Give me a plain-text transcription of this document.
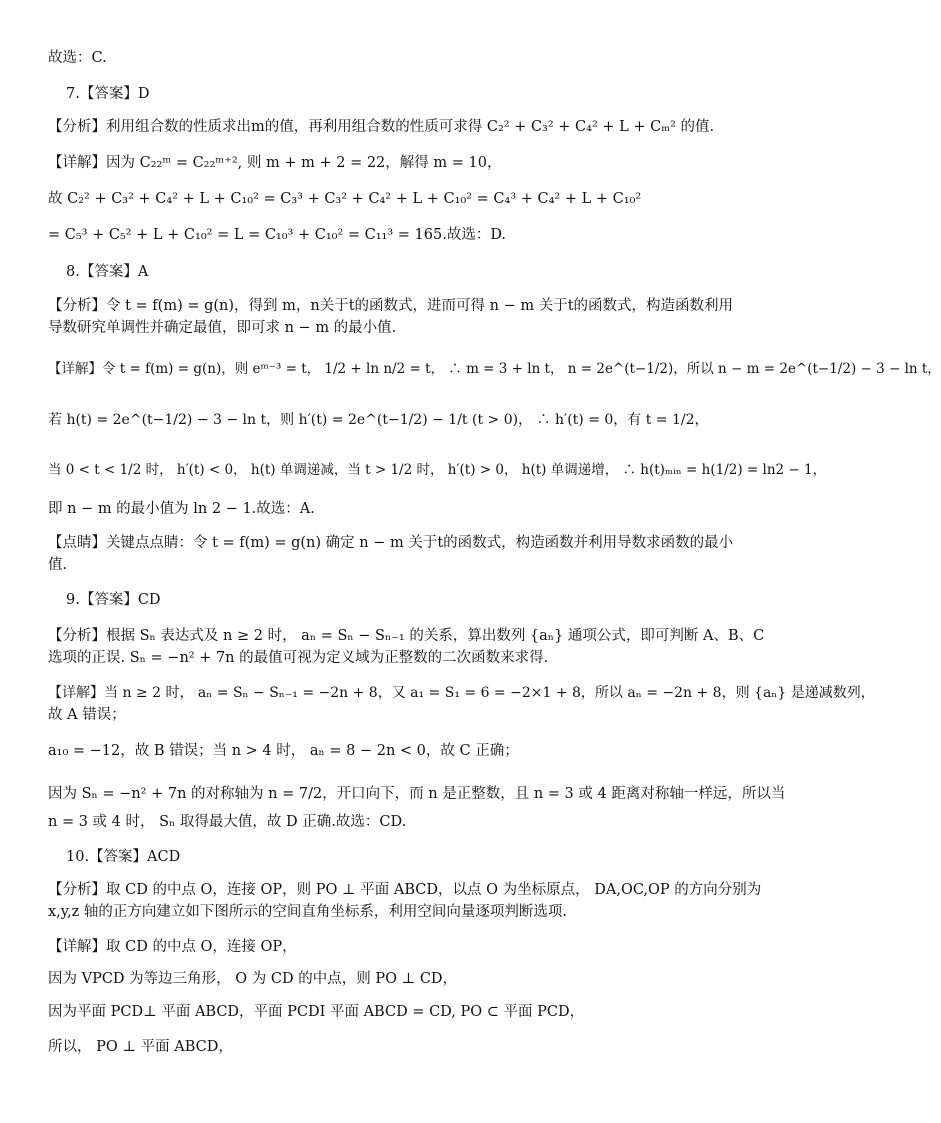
故选：C.
7.【答案】D
【分析】利用组合数的性质求出m的值，再利用组合数的性质可求得 C₂² + C₃² + C₄² + L + Cₘ² 的值.
【详解】因为 C₂₂ᵐ = C₂₂ᵐ⁺², 则 m + m + 2 = 22，解得 m = 10，
故 C₂² + C₃² + C₄² + L + C₁₀² = C₃³ + C₃² + C₄² + L + C₁₀² = C₄³ + C₄² + L + C₁₀²
= C₅³ + C₅² + L + C₁₀² = L = C₁₀³ + C₁₀² = C₁₁³ = 165.故选：D.
8.【答案】A
【分析】令 t = f(m) = g(n)，得到 m，n关于t的函数式，进而可得 n − m 关于t的函数式，构造函数利用
导数研究单调性并确定最值，即可求 n − m 的最小值.
【详解】令 t = f(m) = g(n)，则 eᵐ⁻³ = t， 1/2 + ln n/2 = t， ∴ m = 3 + ln t， n = 2e^(t−1/2)，所以 n − m = 2e^(t−1/2) − 3 − ln t，
若 h(t) = 2e^(t−1/2) − 3 − ln t，则 h′(t) = 2e^(t−1/2) − 1/t (t > 0)， ∴ h′(t) = 0，有 t = 1/2，
当 0 < t < 1/2 时， h′(t) < 0， h(t) 单调递减，当 t > 1/2 时， h′(t) > 0， h(t) 单调递增， ∴ h(t)ₘᵢₙ = h(1/2) = ln2 − 1，
即 n − m 的最小值为 ln 2 − 1.故选：A.
【点睛】关键点点睛：令 t = f(m) = g(n) 确定 n − m 关于t的函数式，构造函数并利用导数求函数的最小
值.
9.【答案】CD
【分析】根据 Sₙ 表达式及 n ≥ 2 时， aₙ = Sₙ − Sₙ₋₁ 的关系，算出数列 {aₙ} 通项公式，即可判断 A、B、C
选项的正误. Sₙ = −n² + 7n 的最值可视为定义域为正整数的二次函数来求得.
【详解】当 n ≥ 2 时， aₙ = Sₙ − Sₙ₋₁ = −2n + 8，又 a₁ = S₁ = 6 = −2×1 + 8，所以 aₙ = −2n + 8，则 {aₙ} 是递减数列，
故 A 错误；
a₁₀ = −12，故 B 错误；当 n > 4 时， aₙ = 8 − 2n < 0，故 C 正确；
因为 Sₙ = −n² + 7n 的对称轴为 n = 7/2，开口向下，而 n 是正整数，且 n = 3 或 4 距离对称轴一样远，所以当
n = 3 或 4 时， Sₙ 取得最大值，故 D 正确.故选：CD.
10.【答案】ACD
【分析】取 CD 的中点 O，连接 OP，则 PO ⊥ 平面 ABCD，以点 O 为坐标原点， DA,OC,OP 的方向分别为
x,y,z 轴的正方向建立如下图所示的空间直角坐标系，利用空间向量逐项判断选项.
【详解】取 CD 的中点 O，连接 OP，
因为 VPCD 为等边三角形， O 为 CD 的中点，则 PO ⊥ CD，
因为平面 PCD⊥ 平面 ABCD，平面 PCDI 平面 ABCD = CD, PO ⊂ 平面 PCD，
所以， PO ⊥ 平面 ABCD，
